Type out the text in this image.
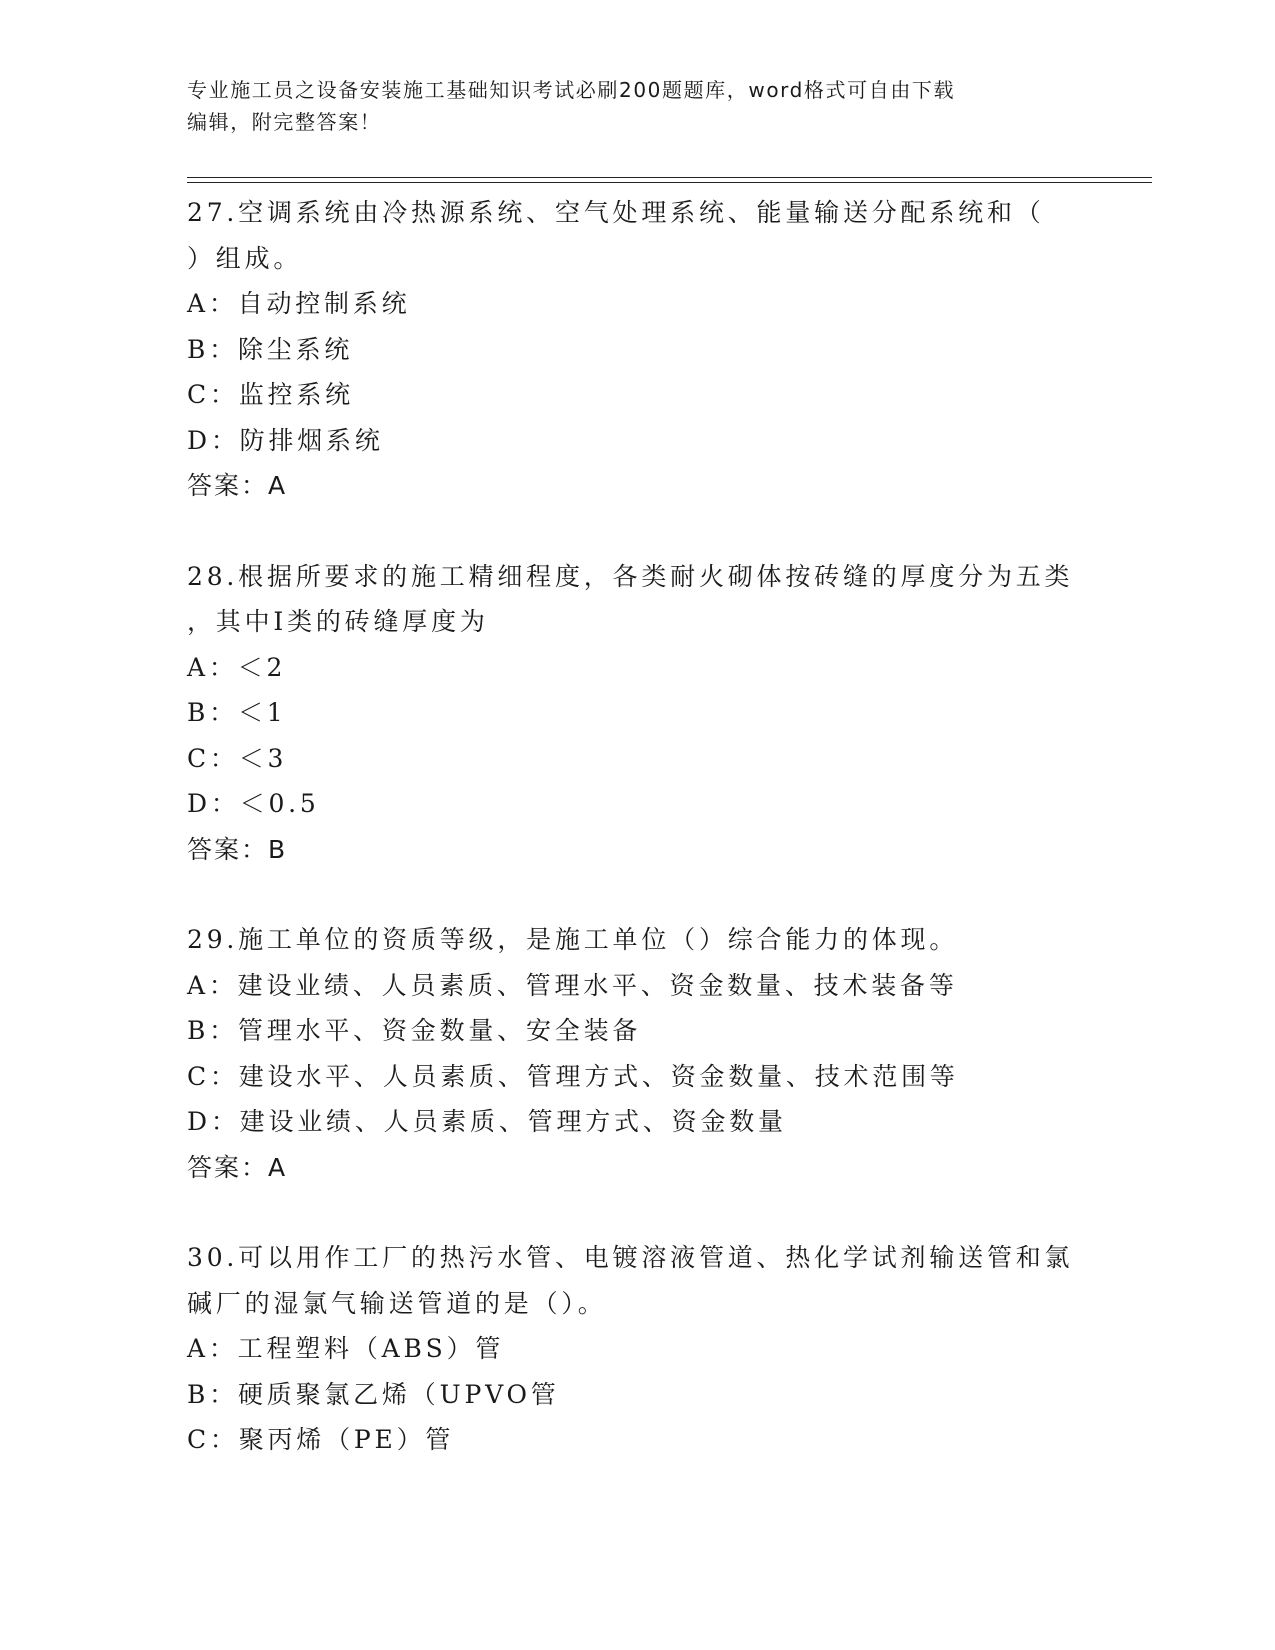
专业施工员之设备安装施工基础知识考试必刷200题题库，word格式可自由下载
编辑，附完整答案！
27.空调系统由冷热源系统、空气处理系统、能量输送分配系统和（
）组成。
A：自动控制系统
B：除尘系统
C：监控系统
D：防排烟系统
答案：A
28.根据所要求的施工精细程度，各类耐火砌体按砖缝的厚度分为五类
，其中Ⅰ类的砖缝厚度为
A：＜2
B：＜1
C：＜3
D：＜0.5
答案：B
29.施工单位的资质等级，是施工单位（）综合能力的体现。
A：建设业绩、人员素质、管理水平、资金数量、技术装备等
B：管理水平、资金数量、安全装备
C：建设水平、人员素质、管理方式、资金数量、技术范围等
D：建设业绩、人员素质、管理方式、资金数量
答案：A
30.可以用作工厂的热污水管、电镀溶液管道、热化学试剂输送管和氯
碱厂的湿氯气输送管道的是（）。
A：工程塑料（ABS）管
B：硬质聚氯乙烯（UPVO管
C：聚丙烯（PE）管
